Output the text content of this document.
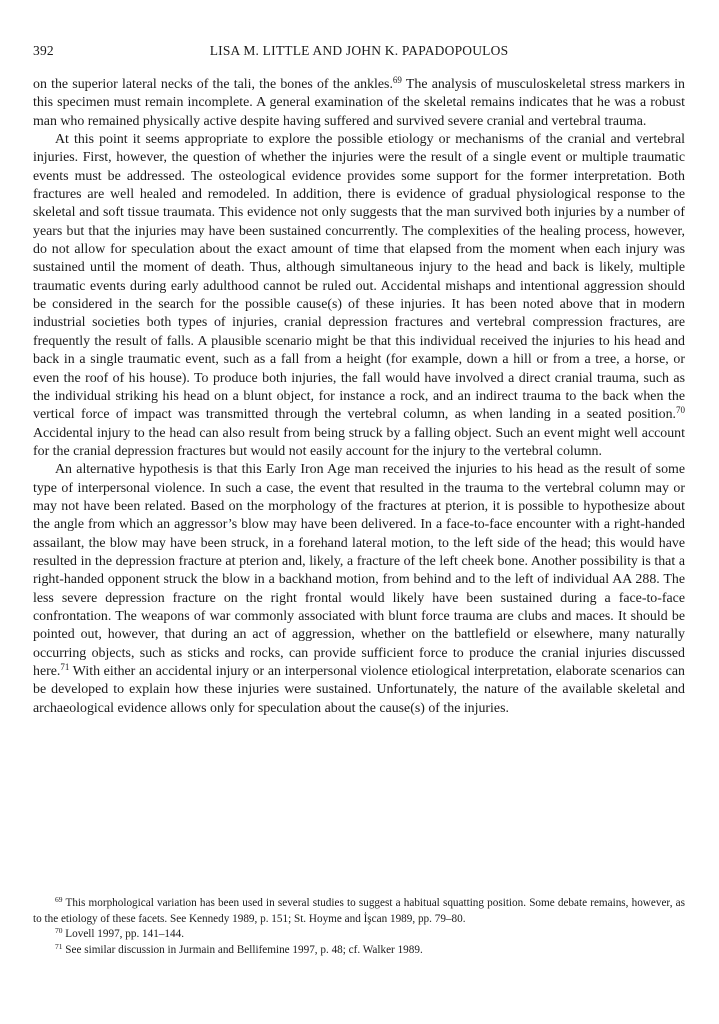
392	LISA M. LITTLE AND JOHN K. PAPADOPOULOS

on the superior lateral necks of the tali, the bones of the ankles.$^{69}$ The analysis of musculoskeletal stress markers in this specimen must remain incomplete. A general examination of the skeletal remains indicates that he was a robust man who remained physically active despite having suffered and survived severe cranial and vertebral trauma.

At this point it seems appropriate to explore the possible etiology or mechanisms of the cranial and vertebral injuries. First, however, the question of whether the injuries were the result of a single event or multiple traumatic events must be addressed. The osteological evidence provides some support for the former interpretation. Both fractures are well healed and remodeled. In addition, there is evidence of gradual physiological response to the skeletal and soft tissue traumata. This evidence not only suggests that the man survived both injuries by a number of years but that the injuries may have been sustained concurrently. The complexities of the healing process, however, do not allow for speculation about the exact amount of time that elapsed from the moment when each injury was sustained until the moment of death. Thus, although simultaneous injury to the head and back is likely, multiple traumatic events during early adulthood cannot be ruled out. Accidental mishaps and intentional aggression should be considered in the search for the possible cause(s) of these injuries. It has been noted above that in modern industrial societies both types of injuries, cranial depression fractures and vertebral compression fractures, are frequently the result of falls. A plausible scenario might be that this individual received the injuries to his head and back in a single traumatic event, such as a fall from a height (for example, down a hill or from a tree, a horse, or even the roof of his house). To produce both injuries, the fall would have involved a direct cranial trauma, such as the individual striking his head on a blunt object, for instance a rock, and an indirect trauma to the back when the vertical force of impact was transmitted through the vertebral column, as when landing in a seated position.$^{70}$ Accidental injury to the head can also result from being struck by a falling object. Such an event might well account for the cranial depression fractures but would not easily account for the injury to the vertebral column.

An alternative hypothesis is that this Early Iron Age man received the injuries to his head as the result of some type of interpersonal violence. In such a case, the event that resulted in the trauma to the vertebral column may or may not have been related. Based on the morphology of the fractures at pterion, it is possible to hypothesize about the angle from which an aggressor’s blow may have been delivered. In a face-to-face encounter with a right-handed assailant, the blow may have been struck, in a forehand lateral motion, to the left side of the head; this would have resulted in the depression fracture at pterion and, likely, a fracture of the left cheek bone. Another possibility is that a right-handed opponent struck the blow in a backhand motion, from behind and to the left of individual AA 288. The less severe depression fracture on the right frontal would likely have been sustained during a face-to-face confrontation. The weapons of war commonly associated with blunt force trauma are clubs and maces. It should be pointed out, however, that during an act of aggression, whether on the battlefield or elsewhere, many naturally occurring objects, such as sticks and rocks, can provide sufficient force to produce the cranial injuries discussed here.$^{71}$ With either an accidental injury or an interpersonal violence etiological interpretation, elaborate scenarios can be developed to explain how these injuries were sustained. Unfortunately, the nature of the available skeletal and archaeological evidence allows only for speculation about the cause(s) of the injuries.

$^{69}$ This morphological variation has been used in several studies to suggest a habitual squatting position. Some debate remains, however, as to the etiology of these facets. See Kennedy 1989, p. 151; St. Hoyme and İşcan 1989, pp. 79–80.

$^{70}$ Lovell 1997, pp. 141–144.

$^{71}$ See similar discussion in Jurmain and Bellifemine 1997, p. 48; cf. Walker 1989.
